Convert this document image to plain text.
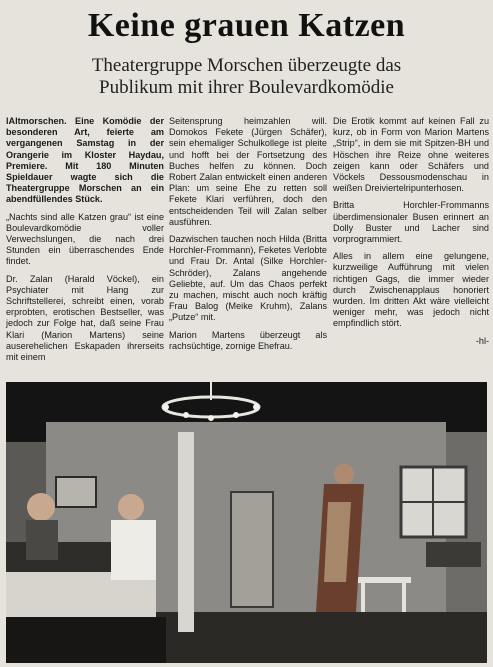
Keine grauen Katzen
Theatergruppe Morschen überzeugte das
Publikum mit ihrer Boulevardkomödie

lAltmorschen. Eine Komödie der besonderen Art, feierte am vergangenen Samstag in der Orangerie im Kloster Haydau, Premiere. Mit 180 Minuten Spieldauer wagte sich die Theatergruppe Morschen an ein abendfüllendes Stück.

„Nachts sind alle Katzen grau“ ist eine Boulevardkomödie voller Verwechslungen, die nach drei Stunden ein überraschendes Ende findet.

Dr. Zalan (Harald Vöckel), ein Psychiater mit Hang zur Schriftstellerei, schreibt einen, vorab erprobten, erotischen Bestseller, was jedoch zur Folge hat, daß seine Frau Klari (Marion Martens) seine auserehelichen Eskapaden ihrerseits mit einem

Seitensprung heimzahlen will. Domokos Fekete (Jürgen Schäfer), sein ehemaliger Schulkollege ist pleite und hofft bei der Fortsetzung des Buches helfen zu können. Doch Robert Zalan entwickelt einen anderen Plan: um seine Ehe zu retten soll Fekete Klari verführen, doch den entscheidenden Teil will Zalan selber ausführen.

Dazwischen tauchen noch Hilda (Britta Horchler-Frommann), Feketes Verlobte und Frau Dr. Antal (Silke Horchler-Schröder), Zalans angehende Geliebte, auf. Um das Chaos perfekt zu machen, mischt auch noch kräftig Frau Balog (Meike Kruhm), Zalans „Putze“ mit.

Marion Martens überzeugt als rachsüchtige, zornige Ehefrau.

Die Erotik kommt auf keinen Fall zu kurz, ob in Form von Marion Martens „Strip“, in dem sie mit Spitzen-BH und Höschen ihre Reize ohne weiteres zeigen kann oder Schäfers und Vöckels Dessousmodenschau in weißen Dreiviertelripunterhosen.

Britta Horchler-Frommanns überdimensionaler Busen erinnert an Dolly Buster und Lacher sind vorprogrammiert.

Alles in allem eine gelungene, kurzweilige Aufführung mit vielen richtigen Gags, die immer wieder durch Zwischenapplaus honoriert wurden. Im dritten Akt wäre vielleicht weniger mehr, was jedoch nicht empfindlich stört.

-hl-
